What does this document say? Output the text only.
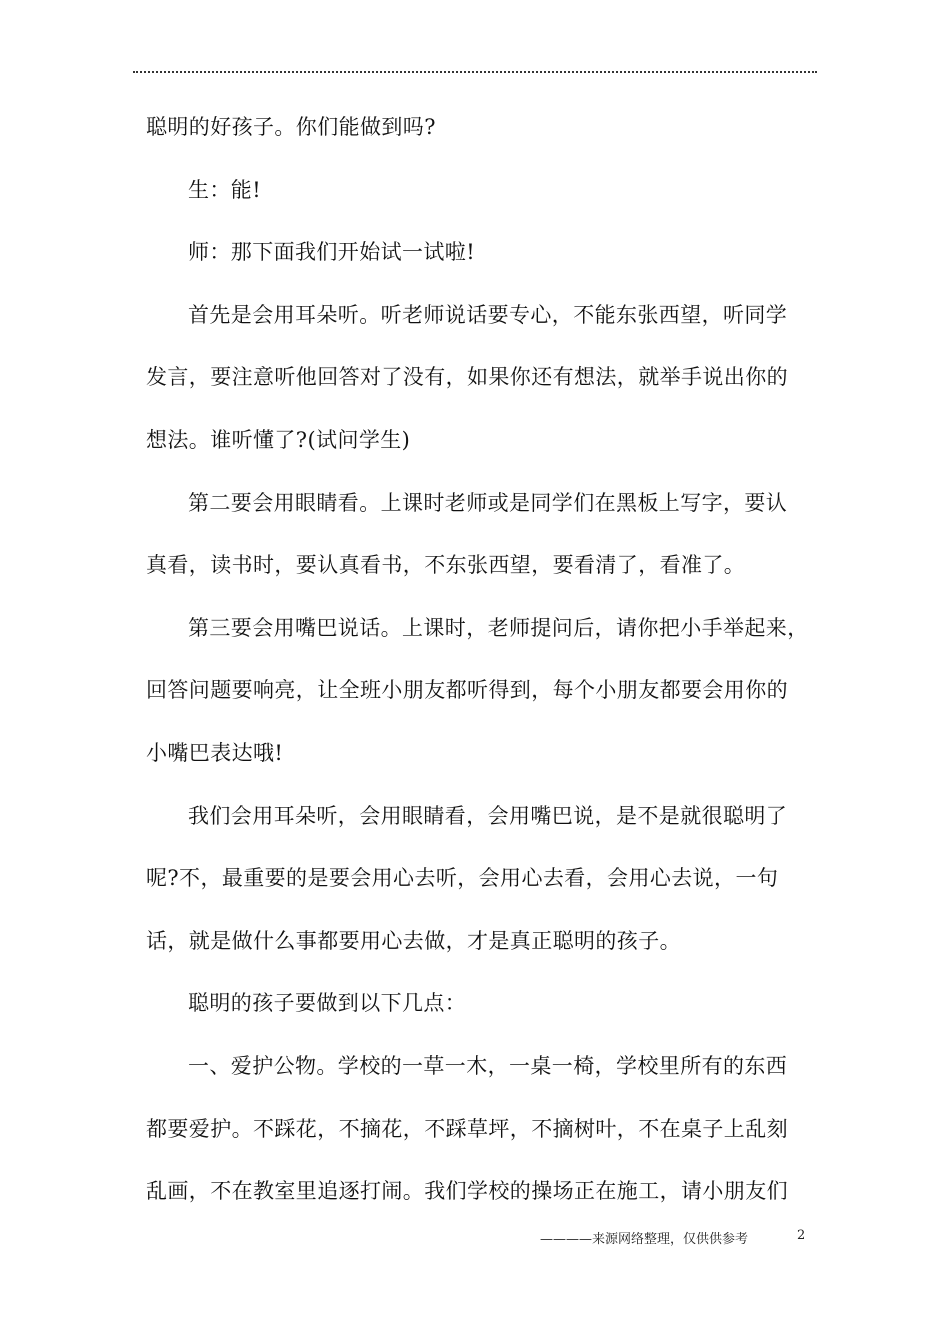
聪明的好孩子。你们能做到吗?
生：能!
师：那下面我们开始试一试啦!
首先是会用耳朵听。听老师说话要专心，不能东张西望，听同学
发言，要注意听他回答对了没有，如果你还有想法，就举手说出你的
想法。谁听懂了?(试问学生)
第二要会用眼睛看。上课时老师或是同学们在黑板上写字，要认
真看，读书时，要认真看书，不东张西望，要看清了，看准了。
第三要会用嘴巴说话。上课时，老师提问后，请你把小手举起来，
回答问题要响亮，让全班小朋友都听得到，每个小朋友都要会用你的
小嘴巴表达哦!
我们会用耳朵听，会用眼睛看，会用嘴巴说，是不是就很聪明了
呢?不，最重要的是要会用心去听，会用心去看，会用心去说，一句
话，就是做什么事都要用心去做，才是真正聪明的孩子。
聪明的孩子要做到以下几点：
一、爱护公物。学校的一草一木，一桌一椅，学校里所有的东西
都要爱护。不踩花，不摘花，不踩草坪，不摘树叶，不在桌子上乱刻
乱画，不在教室里追逐打闹。我们学校的操场正在施工，请小朋友们
————来源网络整理，仅供供参考	2
